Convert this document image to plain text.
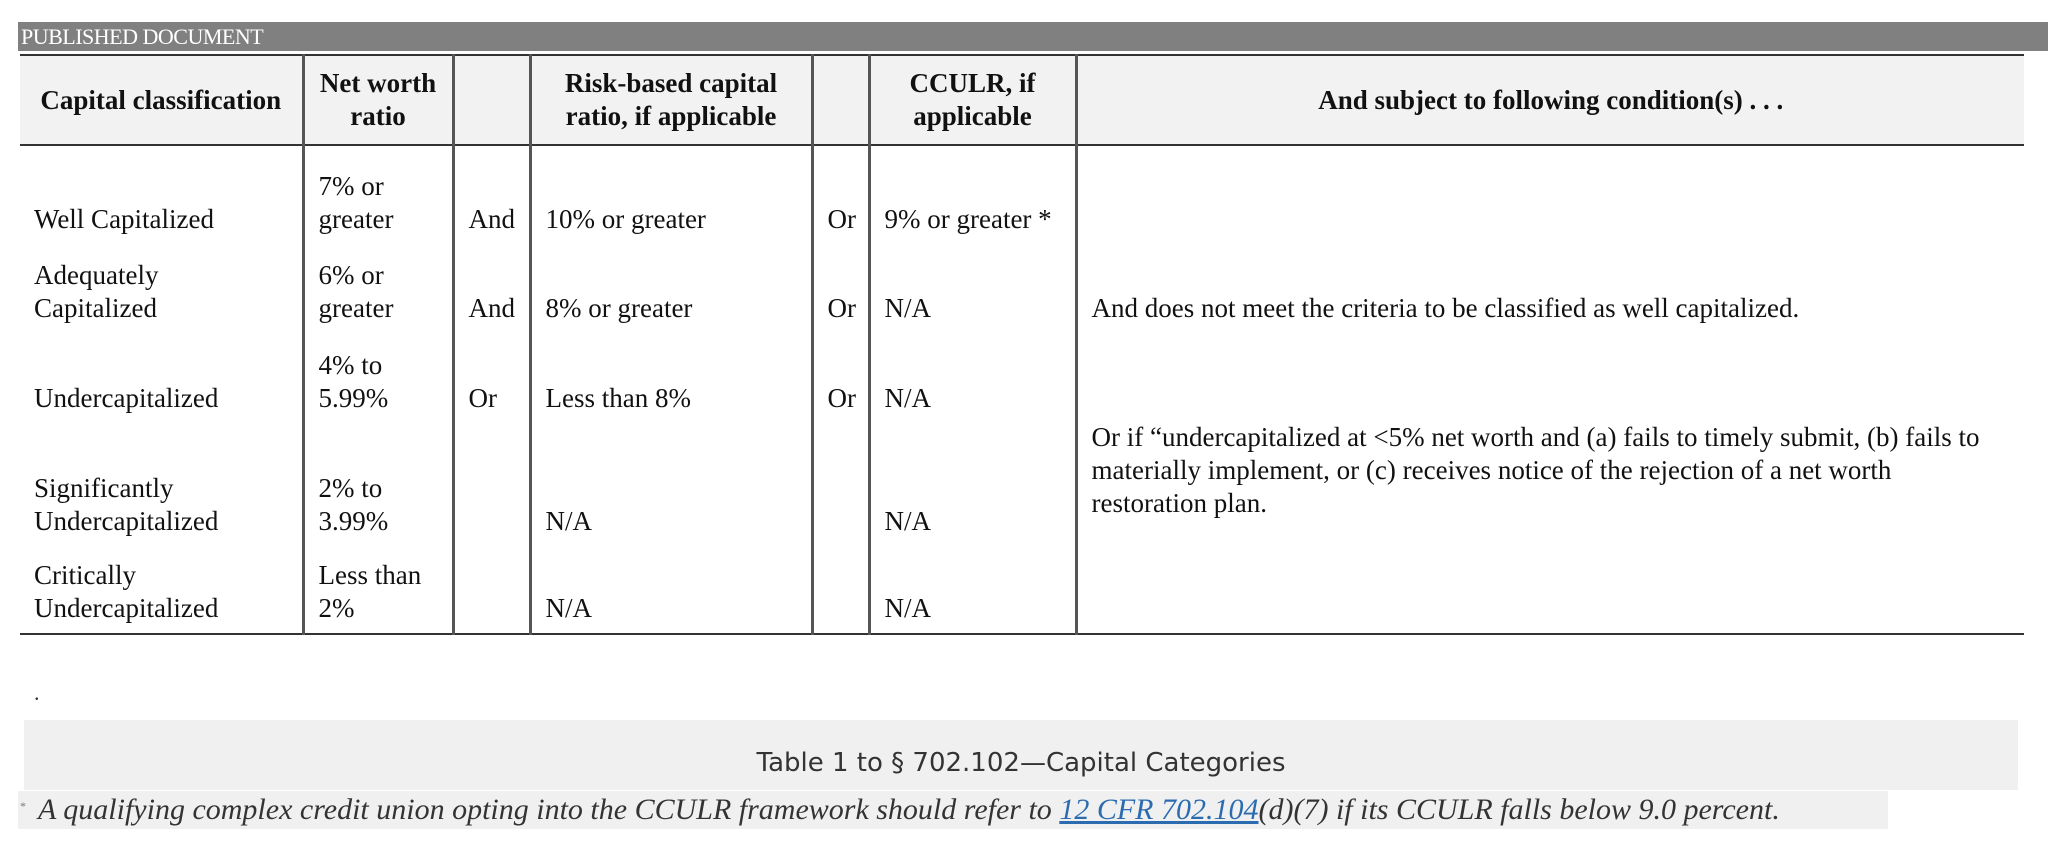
PUBLISHED DOCUMENT
Capital classification	Net worth ratio		Risk-based capital ratio, if applicable		CCULR, if applicable	And subject to following condition(s) . . .
Well Capitalized	7% or greater	And	10% or greater	Or	9% or greater *	
Adequately Capitalized	6% or greater	And	8% or greater	Or	N/A	And does not meet the criteria to be classified as well capitalized.
Undercapitalized	4% to 5.99%	Or	Less than 8%	Or	N/A	
Significantly Undercapitalized	2% to 3.99%		N/A		N/A	Or if “undercapitalized at <5% net worth and (a) fails to timely submit, (b) fails to materially implement, or (c) receives notice of the rejection of a net worth restoration plan.
Critically Undercapitalized	Less than 2%		N/A		N/A	
.
Table 1 to § 702.102—Capital Categories
* A qualifying complex credit union opting into the CCULR framework should refer to 12 CFR 702.104(d)(7) if its CCULR falls below 9.0 percent.
